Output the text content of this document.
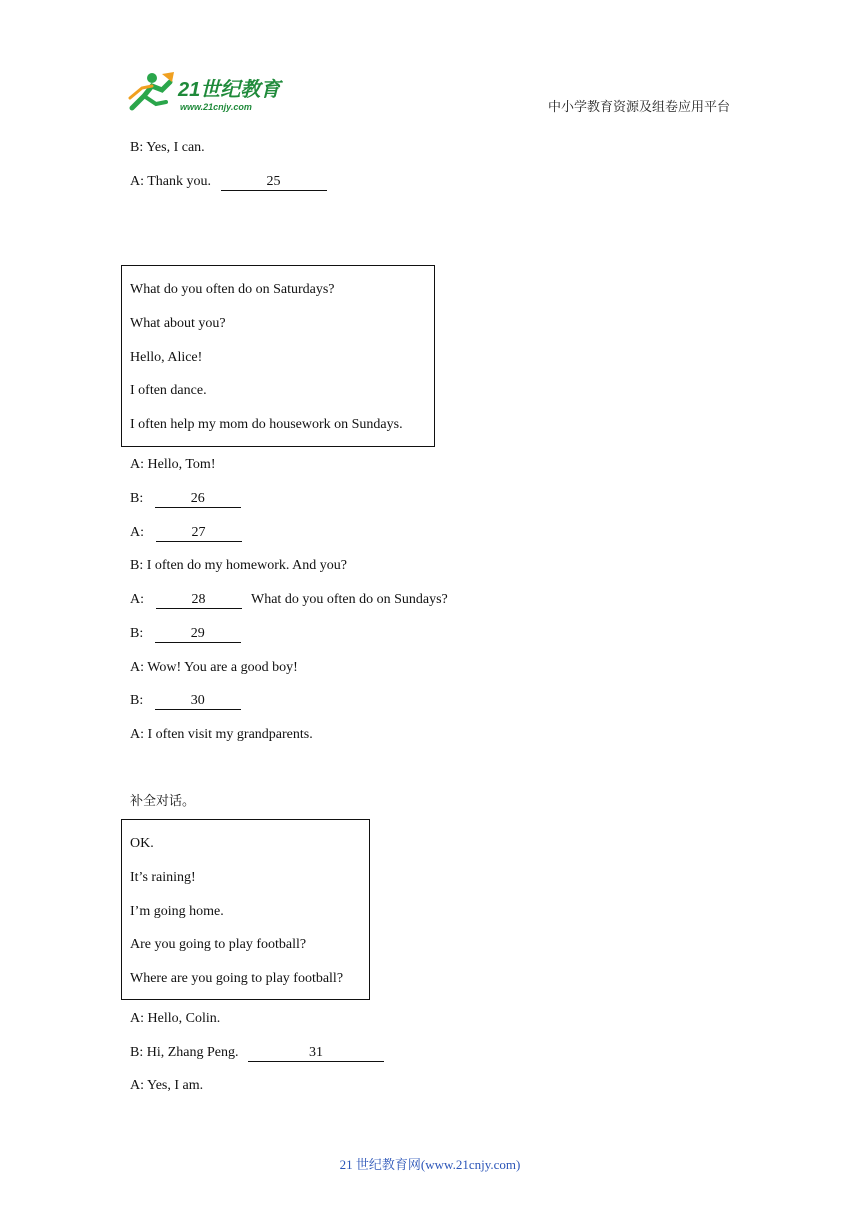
21世纪教育
www.21cnjy.com	中小学教育资源及组卷应用平台
B: Yes, I can.
A: Thank you.	25
What do you often do on Saturdays?
What about you?
Hello, Alice!
I often dance.
I often help my mom do housework on Sundays.
A: Hello, Tom!
B:	26
A:	27
B: I often do my homework. And you?
A:	28	What do you often do on Sundays?
B:	29
A: Wow! You are a good boy!
B:	30
A: I often visit my grandparents.
补全对话。
OK.
It’s raining!
I’m going home.
Are you going to play football?
Where are you going to play football?
A: Hello, Colin.
B: Hi, Zhang Peng.	31
A: Yes, I am.
21 世纪教育网(www.21cnjy.com)
